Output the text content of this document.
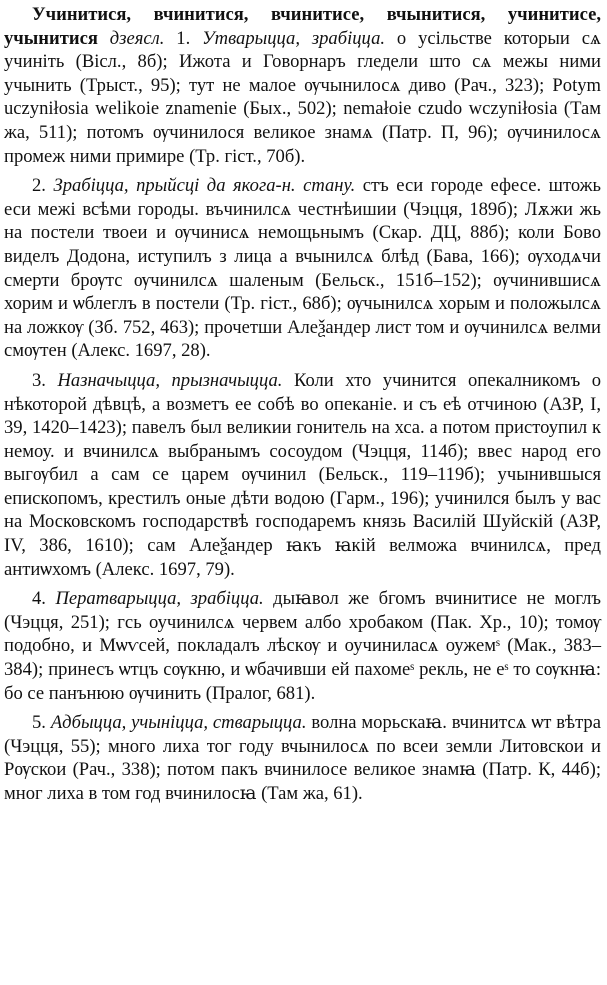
Учинитися, вчинитися, вчинитисе, вчынитися, учинитисе, учынитися дзеясл. 1. Утварыцца, зрабіцца. о усільстве которыи сѧ учиніть (Вісл., 8б); Ижота и Говорнаръ гледели што сѧ межы ними учынить (Трыст., 95); тут не малое ѹчынилосѧ диво (Рач., 323); Potym uczyniłosia welikoie znamenie (Бых., 502); nemałoie czudo wczyniłosia (Там жа, 511); потомъ ѹчинилося великое знамѧ (Патр. П, 96); ѹчинилосѧ промеж ними примире (Тр. гіст., 70б).

2. Зрабіцца, прыйсці да якога-н. стану. стъ еси городе ефесе. штожь еси межі всѣми городы. въчинилсѧ честнѣишии (Чэцця, 189б); Лѫжи жь на постели твоеи и ѹчинисѧ немощьнымъ (Скар. ДЦ, 88б); коли Бово виделъ Додона, иступилъ з лица а вчынилсѧ блѣд (Бава, 166); ѹходѧчи смерти брѹтс ѹчинилсѧ шаленым (Бельск., 151б–152); ѹчинившисѧ хорим и ѡблеглъ в постели (Тр. гіст., 68б); ѹчынилсѧ хорым и положылсѧ на ложкѹ (Зб. 752, 463); прочетши Алеѯандер лист том и ѹчинилсѧ велми смѹтен (Алекс. 1697, 28).

3. Назначыцца, прызначыцца. Коли хто учинится опекалникомъ о нѣкоторой дѣвцѣ, а возметъ ее собѣ во опеканіе. и съ еѣ отчиною (АЗР, I, 39, 1420–1423); павелъ был великии гонитель на хса. а потом пристоупил к немоу. и вчинилсѧ выбранымъ сосоудом (Чэцця, 114б); ввес народ его выгѹбил а сам се царем ѹчинил (Бельск., 119–119б); учынившыся епископомъ, крестилъ оные дѣти водою (Гарм., 196); учинился былъ у вас на Московскомъ господарствѣ господаремъ князь Василій Шуйскій (АЗР, IV, 386, 1610); сам Алеѯандер ꙗкъ ꙗкій велможа вчинилсѧ, пред антиѡхомъ (Алекс. 1697, 79).

4. Ператварыцца, зрабіцца. дыꙗвол же бгомъ вчинитисе не моглъ (Чэцця, 251); гсь оучинилсѧ червем албо хробаком (Пак. Хр., 10); томѹ подобно, и Мѡѵсей, покладалъ лѣскѹ и оучиниласѧ оужемˢ (Мак., 383–384); принесъ ѡтцъ сѹкню, и ѡбачивши ей пахомеˢ рекль, не еˢ то сѹкнꙗ: бо се панънюю ѹчинить (Пралог, 681).

5. Адбыцца, учыніцца, стварыцца. волна морьскаꙗ. вчинитсѧ ѡт вѣтра (Чэцця, 55); много лиха тог году вчынилосѧ по всеи земли Литовскои и Рѹскои (Рач., 338); потом пакъ вчинилосе великое знамꙗ (Патр. К, 44б); мног лиха в том год вчинилосꙗ (Там жа, 61).
